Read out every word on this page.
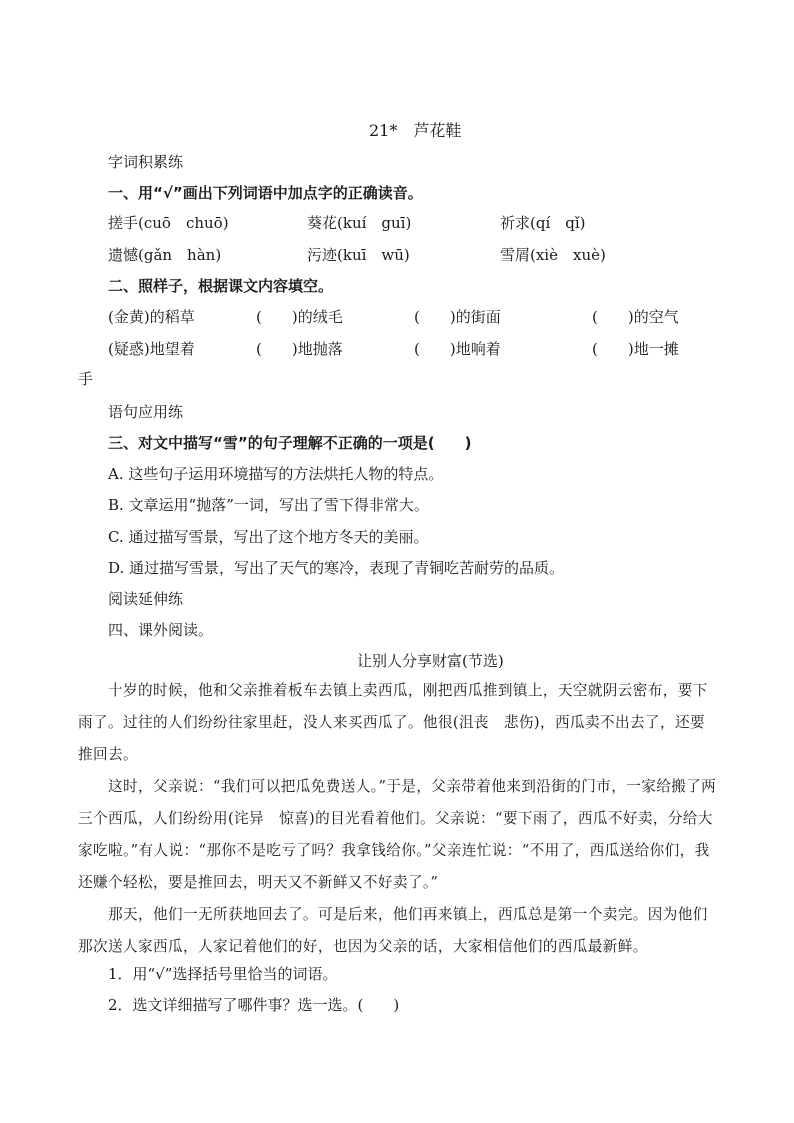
21*　芦花鞋
字词积累练
一、用“√”画出下列词语中加点字的正确读音。
搓手(cuō　chuō)	葵花(kuí　guī)	祈求(qí　qǐ)
遗憾(gǎn　hàn)	污迹(kuī　wū)	雪屑(xiè　xuè)
二、照样子，根据课文内容填空。
(金黄)的稻草	(　　)的绒毛	(　　)的街面	(　　)的空气
(疑惑)地望着	(　　)地抛落	(　　)地响着	(　　)地一摊
手
语句应用练
三、对文中描写“雪”的句子理解不正确的一项是(　　)
A. 这些句子运用环境描写的方法烘托人物的特点。
B. 文章运用“抛落”一词，写出了雪下得非常大。
C. 通过描写雪景，写出了这个地方冬天的美丽。
D. 通过描写雪景，写出了天气的寒冷，表现了青铜吃苦耐劳的品质。
阅读延伸练
四、课外阅读。
让别人分享财富(节选)
十岁的时候，他和父亲推着板车去镇上卖西瓜，刚把西瓜推到镇上，天空就阴云密布，要下雨了。过往的人们纷纷往家里赶，没人来买西瓜了。他很(沮丧　悲伤)，西瓜卖不出去了，还要推回去。
这时，父亲说：“我们可以把瓜免费送人。”于是，父亲带着他来到沿街的门市，一家给搬了两三个西瓜，人们纷纷用(诧异　惊喜)的目光看着他们。父亲说：“要下雨了，西瓜不好卖，分给大家吃啦。”有人说：“那你不是吃亏了吗？我拿钱给你。”父亲连忙说：“不用了，西瓜送给你们，我还赚个轻松，要是推回去，明天又不新鲜又不好卖了。”
那天，他们一无所获地回去了。可是后来，他们再来镇上，西瓜总是第一个卖完。因为他们那次送人家西瓜，人家记着他们的好，也因为父亲的话，大家相信他们的西瓜最新鲜。
1．用“√”选择括号里恰当的词语。
2．选文详细描写了哪件事？选一选。(　　)
